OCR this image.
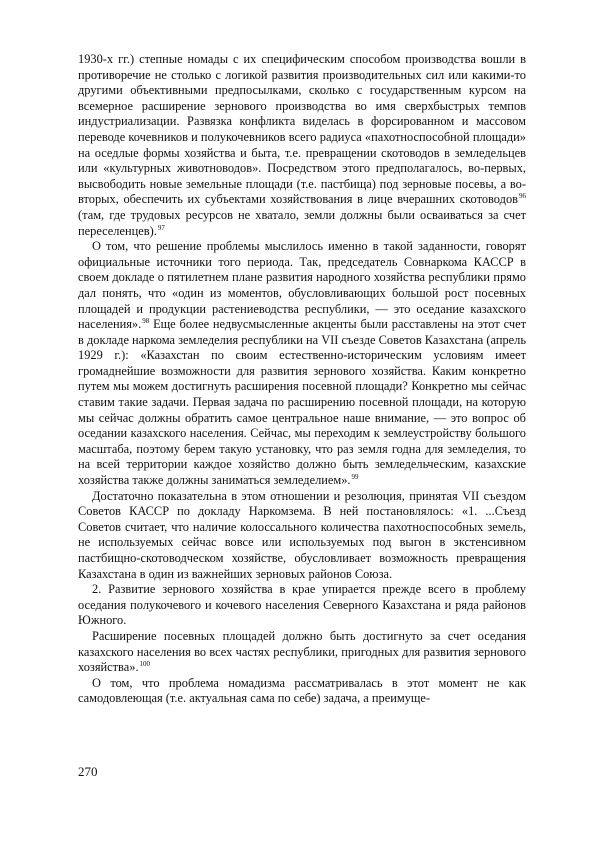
1930-х гг.) степные номады с их специфическим способом производства вошли в противоречие не столько с логикой развития производительных сил или какими-то другими объективными предпосылками, сколько с государственным курсом на всемерное расширение зернового производства во имя сверхбыстрых темпов индустриализации. Развязка конфликта виделась в форсированном и массовом переводе кочевников и полукочевников всего радиуса «пахотноспособной площади» на оседлые формы хозяйства и быта, т.е. превращении скотоводов в земледельцев или «культурных животноводов». Посредством этого предполагалось, во-первых, высвободить новые земельные площади (т.е. пастбища) под зерновые посевы, а во-вторых, обеспечить их субъектами хозяйствования в лице вчерашних скотоводов$^{96}$ (там, где трудовых ресурсов не хватало, земли должны были осваиваться за счет переселенцев).$^{97}$

О том, что решение проблемы мыслилось именно в такой заданности, говорят официальные источники того периода. Так, председатель Совнаркома КАССР в своем докладе о пятилетнем плане развития народного хозяйства республики прямо дал понять, что «один из моментов, обусловливающих большой рост посевных площадей и продукции растениеводства республики, — это оседание казахского населения».$^{98}$ Еще более недвусмысленные акценты были расставлены на этот счет в докладе наркома земледелия республики на VII съезде Советов Казахстана (апрель 1929 г.): «Казахстан по своим естественно-историческим условиям имеет громаднейшие возможности для развития зернового хозяйства. Каким конкретно путем мы можем достигнуть расширения посевной площади? Конкретно мы сейчас ставим такие задачи. Первая задача по расширению посевной площади, на которую мы сейчас должны обратить самое центральное наше внимание, — это вопрос об оседании казахского населения. Сейчас, мы переходим к землеустройству большого масштаба, поэтому берем такую установку, что раз земля годна для земледелия, то на всей территории каждое хозяйство должно быть земледельческим, казахские хозяйства также должны заниматься земледелием».$^{99}$

Достаточно показательна в этом отношении и резолюция, принятая VII съездом Советов КАССР по докладу Наркомзема. В ней постановлялось: «1. ...Съезд Советов считает, что наличие колоссального количества пахотноспособных земель, не используемых сейчас вовсе или используемых под выгон в экстенсивном пастбищно-скотоводческом хозяйстве, обусловливает возможность превращения Казахстана в один из важнейших зерновых районов Союза.

2. Развитие зернового хозяйства в крае упирается прежде всего в проблему оседания полукочевого и кочевого населения Северного Казахстана и ряда районов Южного.

Расширение посевных площадей должно быть достигнуто за счет оседания казахского населения во всех частях республики, пригодных для развития зернового хозяйства».$^{100}$

О том, что проблема номадизма рассматривалась в этот момент не как самодовлеющая (т.е. актуальная сама по себе) задача, а преимуще-

270
